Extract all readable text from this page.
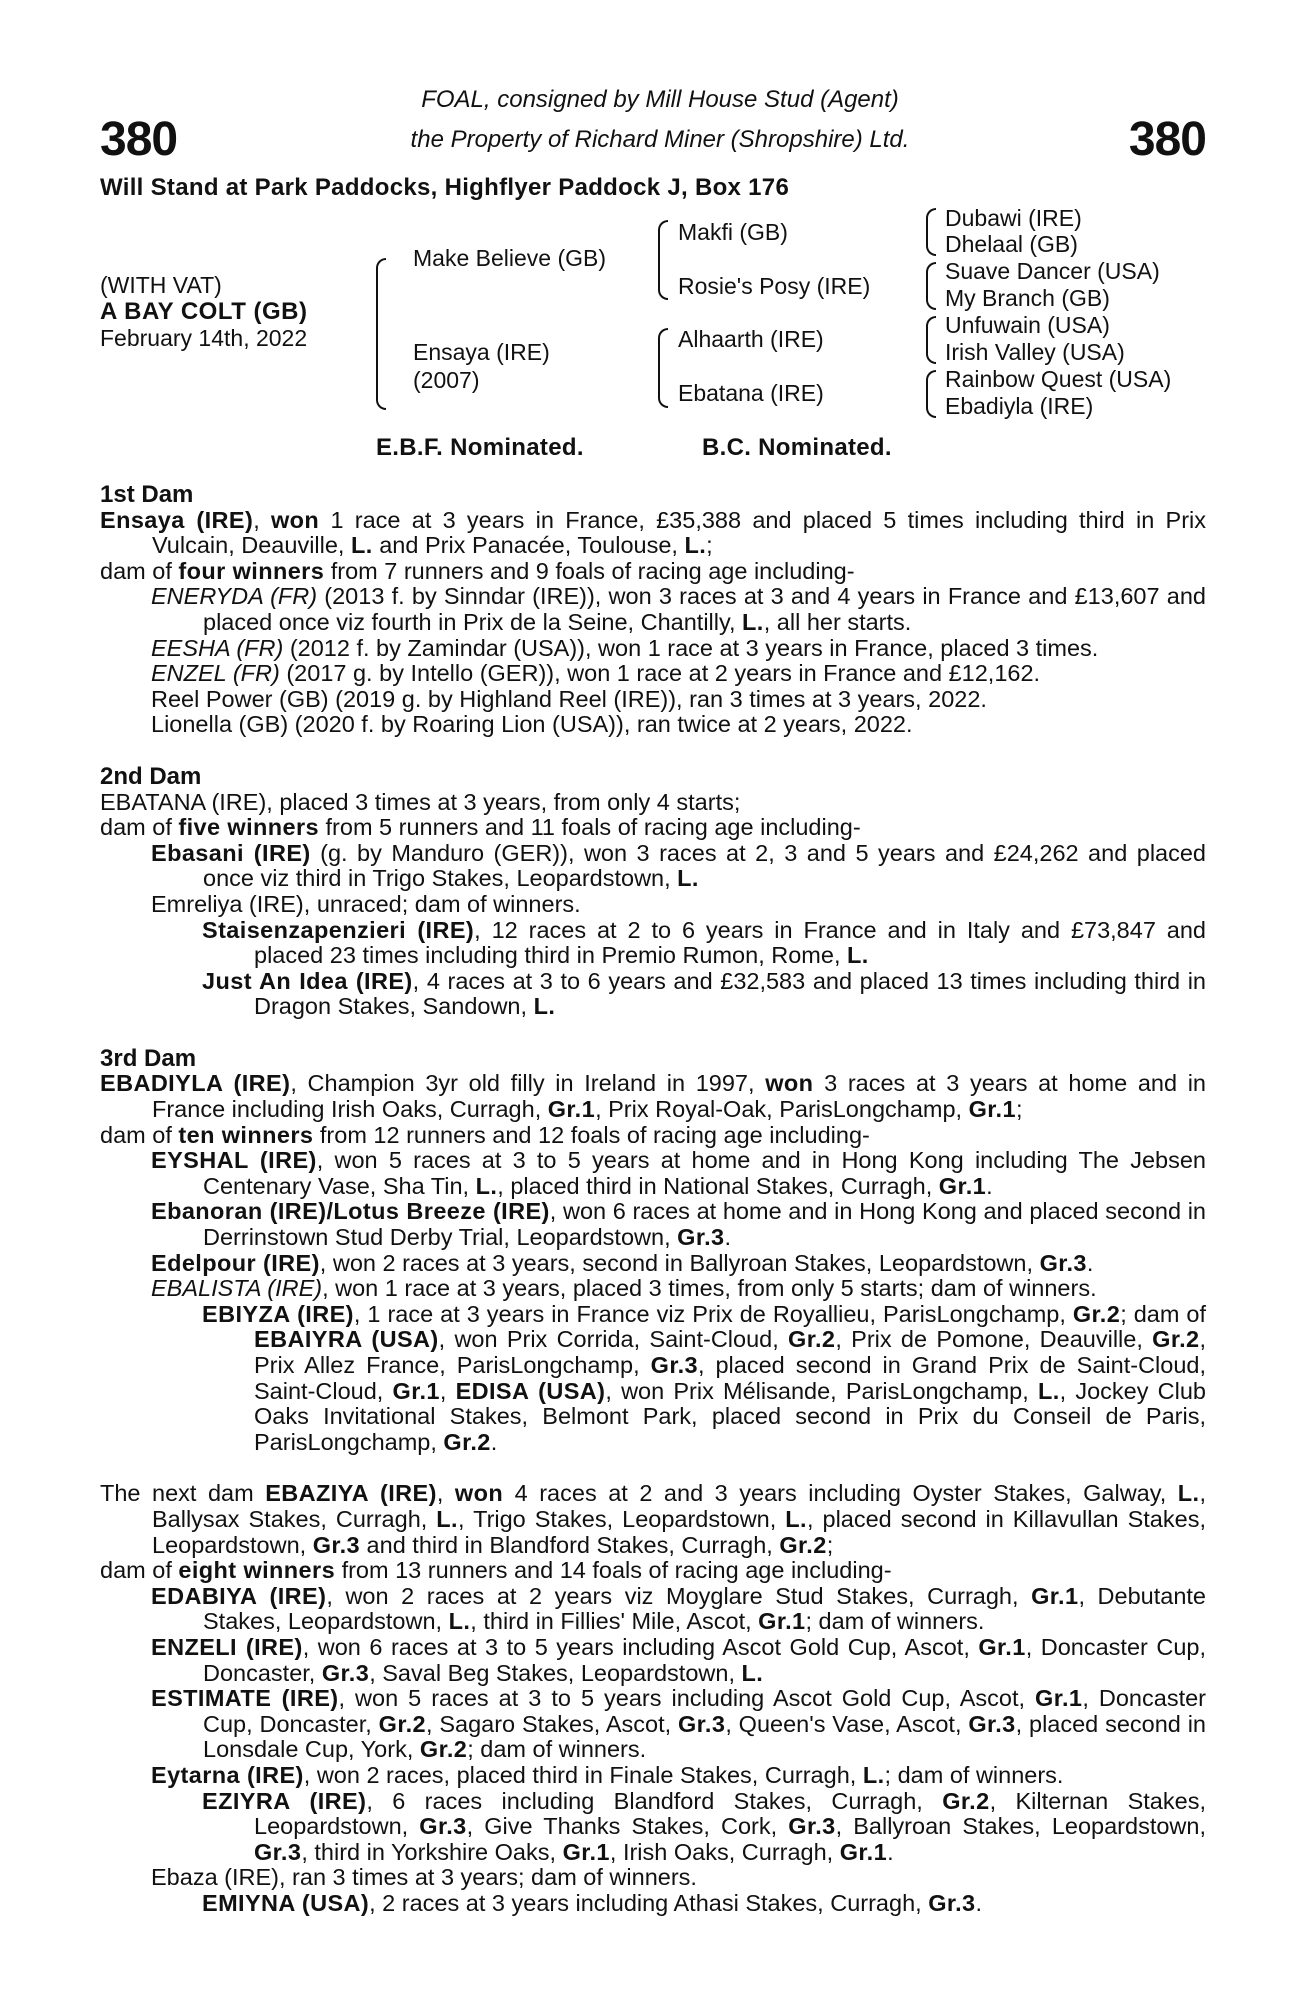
380	380
FOAL, consigned by Mill House Stud (Agent)
the Property of Richard Miner (Shropshire) Ltd.
Will Stand at Park Paddocks, Highflyer Paddock J, Box 176
(WITH VAT)
A BAY COLT (GB)
February 14th, 2022
Make Believe (GB)
Ensaya (IRE)
(2007)
Makfi (GB)
Rosie's Posy (IRE)
Alhaarth (IRE)
Ebatana (IRE)
Dubawi (IRE)
Dhelaal (GB)
Suave Dancer (USA)
My Branch (GB)
Unfuwain (USA)
Irish Valley (USA)
Rainbow Quest (USA)
Ebadiyla (IRE)
E.B.F. Nominated.	B.C. Nominated.

1st Dam

Ensaya (IRE), won 1 race at 3 years in France, £35,388 and placed 5 times including third in Prix Vulcain, Deauville, L. and Prix Panacée, Toulouse, L.;

dam of four winners from 7 runners and 9 foals of racing age including-

ENERYDA (FR) (2013 f. by Sinndar (IRE)), won 3 races at 3 and 4 years in France and £13,607 and placed once viz fourth in Prix de la Seine, Chantilly, L., all her starts.

EESHA (FR) (2012 f. by Zamindar (USA)), won 1 race at 3 years in France, placed 3 times.

ENZEL (FR) (2017 g. by Intello (GER)), won 1 race at 2 years in France and £12,162.

Reel Power (GB) (2019 g. by Highland Reel (IRE)), ran 3 times at 3 years, 2022.

Lionella (GB) (2020 f. by Roaring Lion (USA)), ran twice at 2 years, 2022.

2nd Dam

EBATANA (IRE), placed 3 times at 3 years, from only 4 starts;

dam of five winners from 5 runners and 11 foals of racing age including-

Ebasani (IRE) (g. by Manduro (GER)), won 3 races at 2, 3 and 5 years and £24,262 and placed once viz third in Trigo Stakes, Leopardstown, L.

Emreliya (IRE), unraced; dam of winners.

Staisenzapenzieri (IRE), 12 races at 2 to 6 years in France and in Italy and £73,847 and placed 23 times including third in Premio Rumon, Rome, L.

Just An Idea (IRE), 4 races at 3 to 6 years and £32,583 and placed 13 times including third in Dragon Stakes, Sandown, L.

3rd Dam

EBADIYLA (IRE), Champion 3yr old filly in Ireland in 1997, won 3 races at 3 years at home and in France including Irish Oaks, Curragh, Gr.1, Prix Royal-Oak, ParisLongchamp, Gr.1;

dam of ten winners from 12 runners and 12 foals of racing age including-

EYSHAL (IRE), won 5 races at 3 to 5 years at home and in Hong Kong including The Jebsen Centenary Vase, Sha Tin, L., placed third in National Stakes, Curragh, Gr.1.

Ebanoran (IRE)/Lotus Breeze (IRE), won 6 races at home and in Hong Kong and placed second in Derrinstown Stud Derby Trial, Leopardstown, Gr.3.

Edelpour (IRE), won 2 races at 3 years, second in Ballyroan Stakes, Leopardstown, Gr.3.

EBALISTA (IRE), won 1 race at 3 years, placed 3 times, from only 5 starts; dam of winners.

EBIYZA (IRE), 1 race at 3 years in France viz Prix de Royallieu, ParisLongchamp, Gr.2; dam of EBAIYRA (USA), won Prix Corrida, Saint-Cloud, Gr.2, Prix de Pomone, Deauville, Gr.2, Prix Allez France, ParisLongchamp, Gr.3, placed second in Grand Prix de Saint-Cloud, Saint-Cloud, Gr.1, EDISA (USA), won Prix Mélisande, ParisLongchamp, L., Jockey Club Oaks Invitational Stakes, Belmont Park, placed second in Prix du Conseil de Paris, ParisLongchamp, Gr.2.

The next dam EBAZIYA (IRE), won 4 races at 2 and 3 years including Oyster Stakes, Galway, L., Ballysax Stakes, Curragh, L., Trigo Stakes, Leopardstown, L., placed second in Killavullan Stakes, Leopardstown, Gr.3 and third in Blandford Stakes, Curragh, Gr.2;

dam of eight winners from 13 runners and 14 foals of racing age including-

EDABIYA (IRE), won 2 races at 2 years viz Moyglare Stud Stakes, Curragh, Gr.1, Debutante Stakes, Leopardstown, L., third in Fillies' Mile, Ascot, Gr.1; dam of winners.

ENZELI (IRE), won 6 races at 3 to 5 years including Ascot Gold Cup, Ascot, Gr.1, Doncaster Cup, Doncaster, Gr.3, Saval Beg Stakes, Leopardstown, L.

ESTIMATE (IRE), won 5 races at 3 to 5 years including Ascot Gold Cup, Ascot, Gr.1, Doncaster Cup, Doncaster, Gr.2, Sagaro Stakes, Ascot, Gr.3, Queen's Vase, Ascot, Gr.3, placed second in Lonsdale Cup, York, Gr.2; dam of winners.

Eytarna (IRE), won 2 races, placed third in Finale Stakes, Curragh, L.; dam of winners.

EZIYRA (IRE), 6 races including Blandford Stakes, Curragh, Gr.2, Kilternan Stakes, Leopardstown, Gr.3, Give Thanks Stakes, Cork, Gr.3, Ballyroan Stakes, Leopardstown, Gr.3, third in Yorkshire Oaks, Gr.1, Irish Oaks, Curragh, Gr.1.

Ebaza (IRE), ran 3 times at 3 years; dam of winners.

EMIYNA (USA), 2 races at 3 years including Athasi Stakes, Curragh, Gr.3.
